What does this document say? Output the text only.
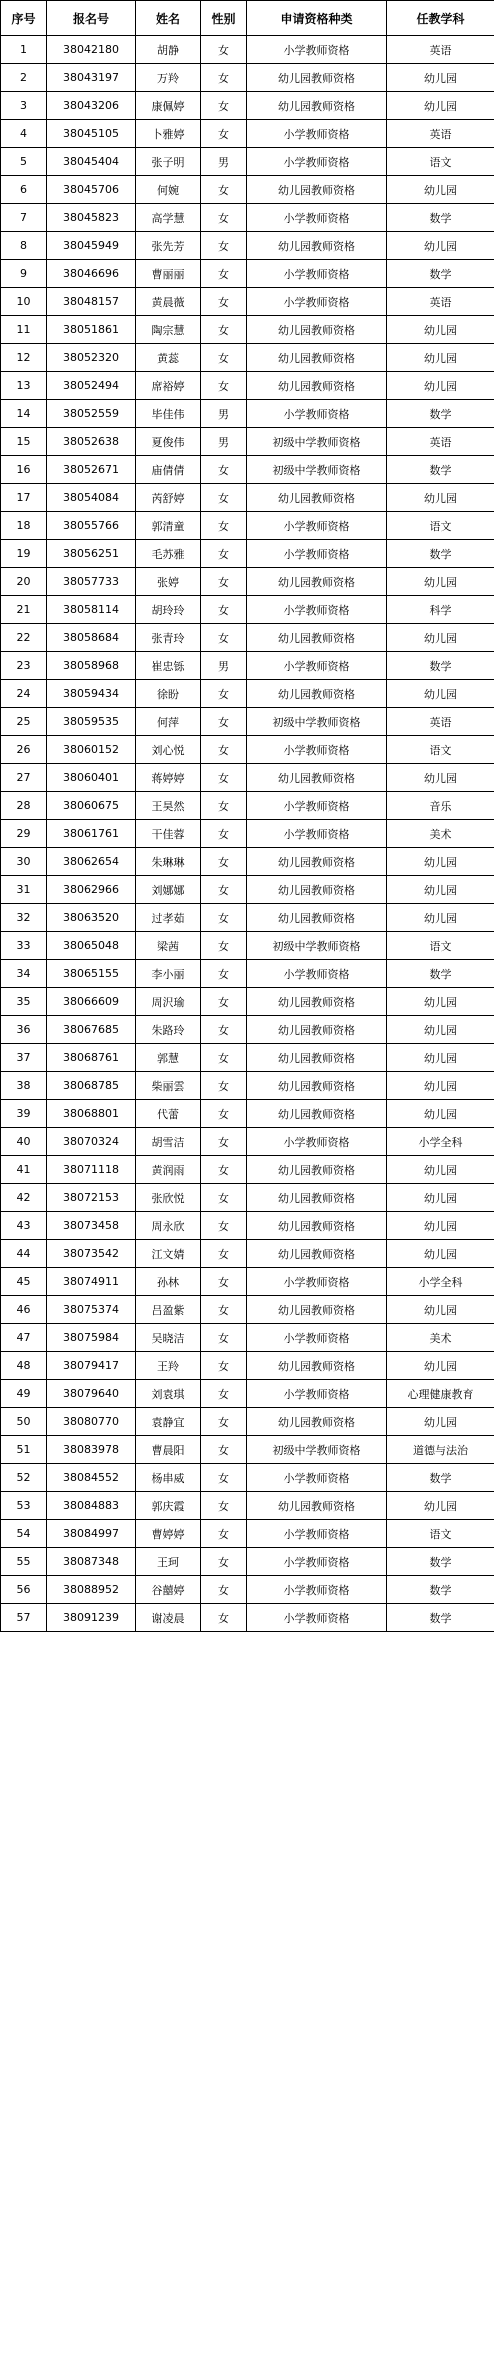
序号	报名号	姓名	性别	申请资格种类	任教学科
1	38042180	胡静	女	小学教师资格	英语
2	38043197	万羚	女	幼儿园教师资格	幼儿园
3	38043206	康佩婷	女	幼儿园教师资格	幼儿园
4	38045105	卜雅婷	女	小学教师资格	英语
5	38045404	张子明	男	小学教师资格	语文
6	38045706	何婉	女	幼儿园教师资格	幼儿园
7	38045823	高学慧	女	小学教师资格	数学
8	38045949	张先芳	女	幼儿园教师资格	幼儿园
9	38046696	曹丽丽	女	小学教师资格	数学
10	38048157	黄晨薇	女	小学教师资格	英语
11	38051861	陶宗慧	女	幼儿园教师资格	幼儿园
12	38052320	黄蕊	女	幼儿园教师资格	幼儿园
13	38052494	席裕婷	女	幼儿园教师资格	幼儿园
14	38052559	毕佳伟	男	小学教师资格	数学
15	38052638	夏俊伟	男	初级中学教师资格	英语
16	38052671	庙倩倩	女	初级中学教师资格	数学
17	38054084	芮舒婷	女	幼儿园教师资格	幼儿园
18	38055766	郭清童	女	小学教师资格	语文
19	38056251	毛苏雅	女	小学教师资格	数学
20	38057733	张婷	女	幼儿园教师资格	幼儿园
21	38058114	胡玲玲	女	小学教师资格	科学
22	38058684	张青玲	女	幼儿园教师资格	幼儿园
23	38058968	崔忠铄	男	小学教师资格	数学
24	38059434	徐盼	女	幼儿园教师资格	幼儿园
25	38059535	何萍	女	初级中学教师资格	英语
26	38060152	刘心悦	女	小学教师资格	语文
27	38060401	蒋婷婷	女	幼儿园教师资格	幼儿园
28	38060675	王昊然	女	小学教师资格	音乐
29	38061761	干佳蓉	女	小学教师资格	美术
30	38062654	朱琳琳	女	幼儿园教师资格	幼儿园
31	38062966	刘娜娜	女	幼儿园教师资格	幼儿园
32	38063520	过孝茹	女	幼儿园教师资格	幼儿园
33	38065048	梁茜	女	初级中学教师资格	语文
34	38065155	李小丽	女	小学教师资格	数学
35	38066609	周沢瑜	女	幼儿园教师资格	幼儿园
36	38067685	朱路玲	女	幼儿园教师资格	幼儿园
37	38068761	郭慧	女	幼儿园教师资格	幼儿园
38	38068785	柴丽雲	女	幼儿园教师资格	幼儿园
39	38068801	代蕾	女	幼儿园教师资格	幼儿园
40	38070324	胡雪洁	女	小学教师资格	小学全科
41	38071118	黄润雨	女	幼儿园教师资格	幼儿园
42	38072153	张欣悦	女	幼儿园教师资格	幼儿园
43	38073458	周永欣	女	幼儿园教师资格	幼儿园
44	38073542	江文婧	女	幼儿园教师资格	幼儿园
45	38074911	孙林	女	小学教师资格	小学全科
46	38075374	吕盈紫	女	幼儿园教师资格	幼儿园
47	38075984	吴晓洁	女	小学教师资格	美术
48	38079417	王羚	女	幼儿园教师资格	幼儿园
49	38079640	刘袁琪	女	小学教师资格	心理健康教育
50	38080770	袁静宜	女	幼儿园教师资格	幼儿园
51	38083978	曹晨阳	女	初级中学教师资格	道德与法治
52	38084552	杨串威	女	小学教师资格	数学
53	38084883	郭庆霞	女	幼儿园教师资格	幼儿园
54	38084997	曹婷婷	女	小学教师资格	语文
55	38087348	王珂	女	小学教师资格	数学
56	38088952	谷囍婷	女	小学教师资格	数学
57	38091239	谢凌晨	女	小学教师资格	数学
